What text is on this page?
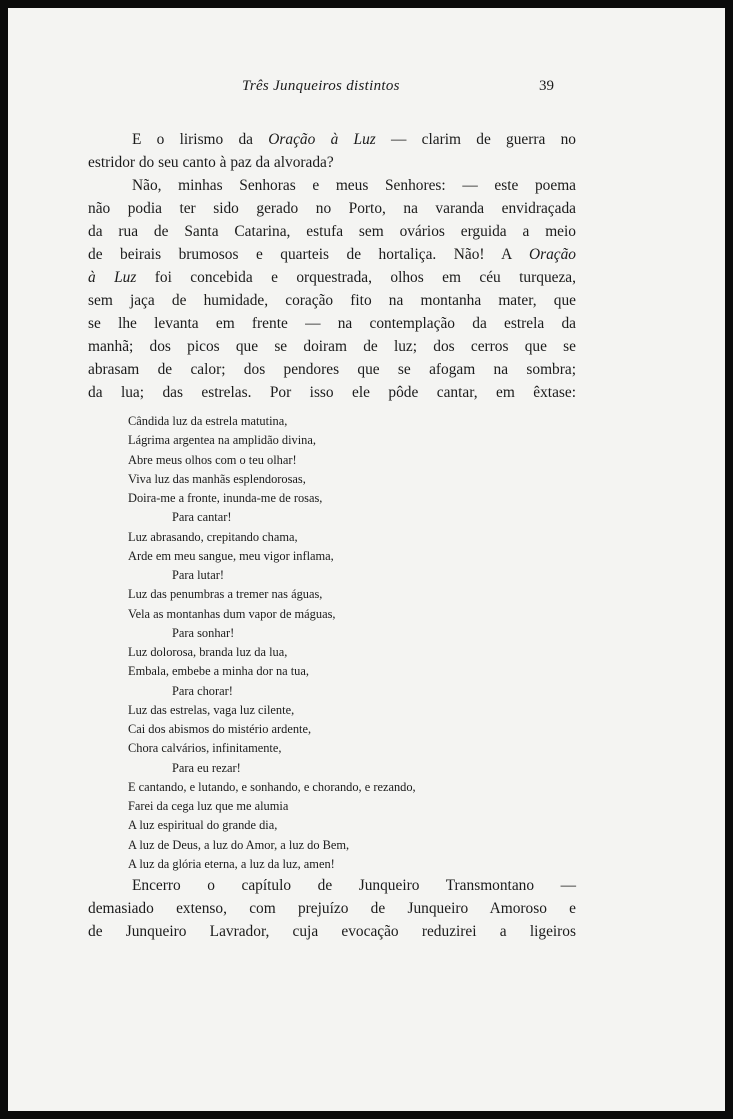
Três Junqueiros distintos	39
E o lirismo da Oração à Luz — clarim de guerra no
estridor do seu canto à paz da alvorada?
Não, minhas Senhoras e meus Senhores: — este poema
não podia ter sido gerado no Porto, na varanda envidraçada
da rua de Santa Catarina, estufa sem ovários erguida a meio
de beirais brumosos e quarteis de hortaliça. Não! A Oração
à Luz foi concebida e orquestrada, olhos em céu turqueza,
sem jaça de humidade, coração fito na montanha mater, que
se lhe levanta em frente — na contemplação da estrela da
manhã; dos picos que se doiram de luz; dos cerros que se
abrasam de calor; dos pendores que se afogam na sombra;
da lua; das estrelas. Por isso ele pôde cantar, em êxtase:
Cândida luz da estrela matutina,
Lágrima argentea na amplidão divina,
Abre meus olhos com o teu olhar!
Viva luz das manhãs esplendorosas,
Doira-me a fronte, inunda-me de rosas,
Para cantar!
Luz abrasando, crepitando chama,
Arde em meu sangue, meu vigor inflama,
Para lutar!
Luz das penumbras a tremer nas águas,
Vela as montanhas dum vapor de máguas,
Para sonhar!
Luz dolorosa, branda luz da lua,
Embala, embebe a minha dor na tua,
Para chorar!
Luz das estrelas, vaga luz cilente,
Cai dos abismos do mistério ardente,
Chora calvários, infinitamente,
Para eu rezar!
E cantando, e lutando, e sonhando, e chorando, e rezando,
Farei da cega luz que me alumia
A luz espiritual do grande dia,
A luz de Deus, a luz do Amor, a luz do Bem,
A luz da glória eterna, a luz da luz, amen!
Encerro o capítulo de Junqueiro Transmontano —
demasiado extenso, com prejuízo de Junqueiro Amoroso e
de Junqueiro Lavrador, cuja evocação reduzirei a ligeiros
